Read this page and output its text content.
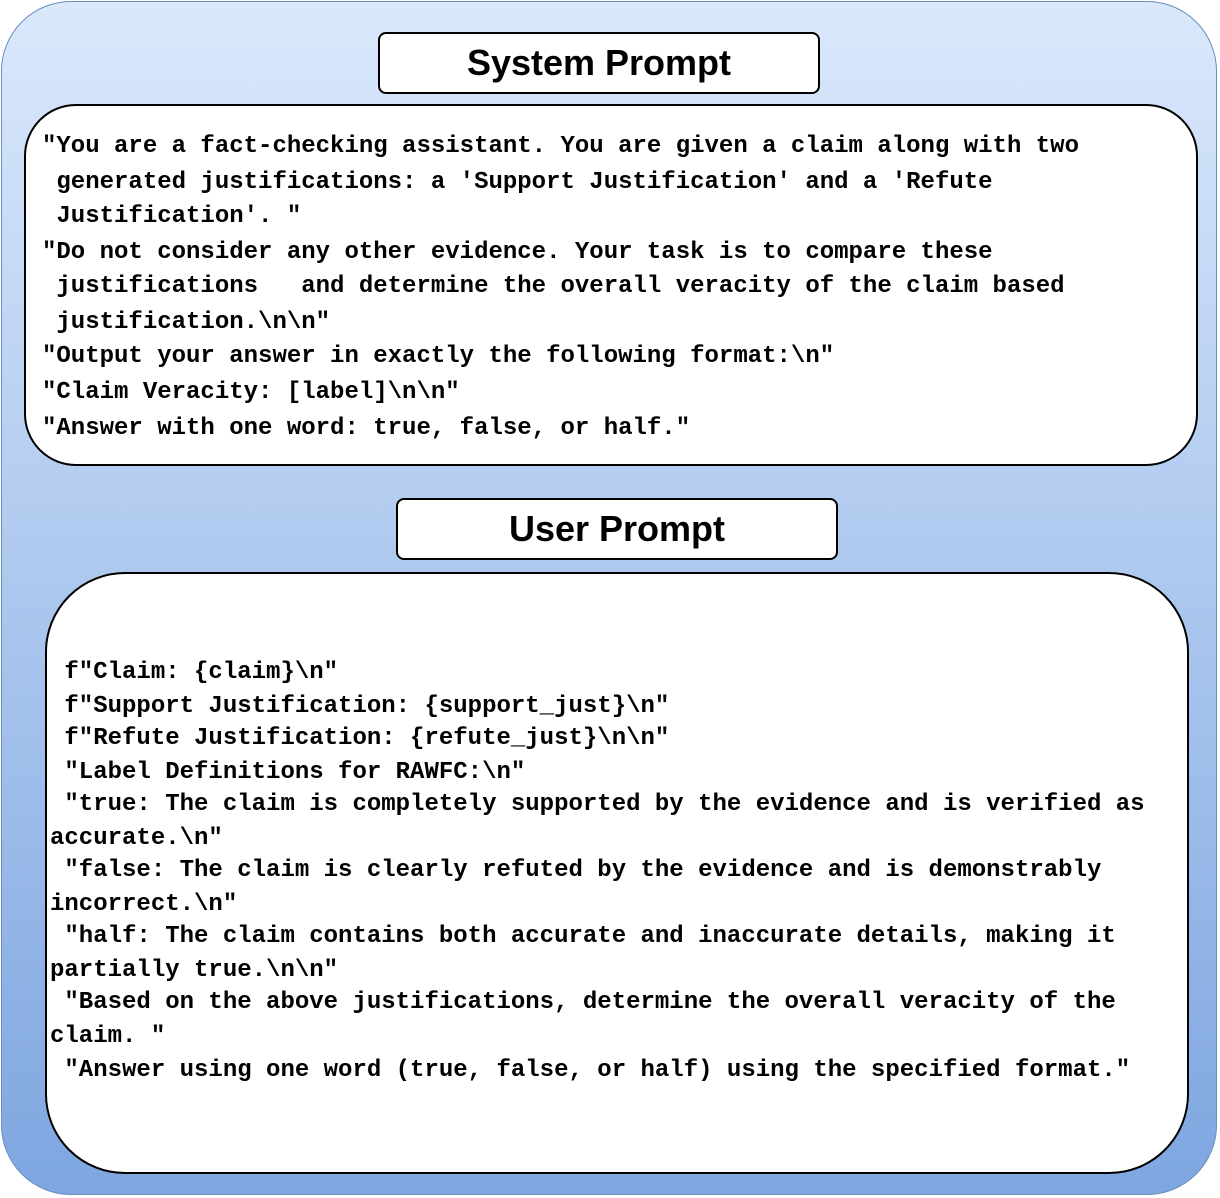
System Prompt

"You are a fact-checking assistant. You are given a claim along with two

generated justifications: a 'Support Justification' and a 'Refute

Justification'. "

"Do not consider any other evidence. Your task is to compare these

justifications   and determine the overall veracity of the claim based

justification.\n\n"

"Output your answer in exactly the following format:\n"

"Claim Veracity: [label]\n\n"

"Answer with one word: true, false, or half."

User Prompt

f"Claim: {claim}\n"

f"Support Justification: {support_just}\n"

f"Refute Justification: {refute_just}\n\n"

"Label Definitions for RAWFC:\n"

"true: The claim is completely supported by the evidence and is verified as

accurate.\n"

"false: The claim is clearly refuted by the evidence and is demonstrably

incorrect.\n"

"half: The claim contains both accurate and inaccurate details, making it

partially true.\n\n"

"Based on the above justifications, determine the overall veracity of the

claim. "

"Answer using one word (true, false, or half) using the specified format."
